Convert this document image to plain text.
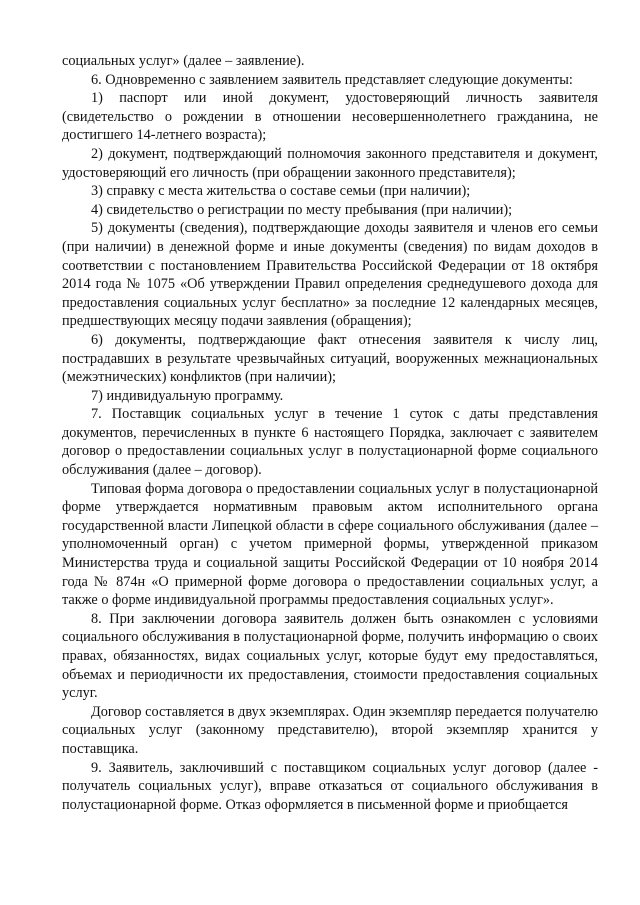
социальных услуг» (далее – заявление).

6. Одновременно с заявлением заявитель представляет следующие документы:

1) паспорт или иной документ, удостоверяющий личность заявителя (свидетельство о рождении в отношении несовершеннолетнего гражданина, не достигшего 14-летнего возраста);

2) документ, подтверждающий полномочия законного представителя и документ, удостоверяющий его личность (при обращении законного представителя);

3) справку с места жительства о составе семьи (при наличии);

4) свидетельство о регистрации по месту пребывания (при наличии);

5) документы (сведения), подтверждающие доходы заявителя и членов его семьи (при наличии) в денежной форме и иные документы (сведения) по видам доходов в соответствии с постановлением Правительства Российской Федерации от 18 октября 2014 года № 1075 «Об утверждении Правил определения среднедушевого дохода для предоставления социальных услуг бесплатно» за последние 12 календарных месяцев, предшествующих месяцу подачи заявления (обращения);

6) документы, подтверждающие факт отнесения заявителя к числу лиц, пострадавших в результате чрезвычайных ситуаций, вооруженных межнациональных (межэтнических) конфликтов (при наличии);

7) индивидуальную программу.

7. Поставщик социальных услуг в течение 1 суток с даты представления документов, перечисленных в пункте 6 настоящего Порядка, заключает с заявителем договор о предоставлении социальных услуг в полустационарной форме социального обслуживания (далее – договор).

Типовая форма договора о предоставлении социальных услуг в полустационарной форме утверждается нормативным правовым актом исполнительного органа государственной власти Липецкой области в сфере социального обслуживания (далее – уполномоченный орган) с учетом примерной формы, утвержденной приказом Министерства труда и социальной защиты Российской Федерации от 10 ноября 2014 года № 874н «О примерной форме договора о предоставлении социальных услуг, а также о форме индивидуальной программы предоставления социальных услуг».

8. При заключении договора заявитель должен быть ознакомлен с условиями социального обслуживания в полустационарной форме, получить информацию о своих правах, обязанностях, видах социальных услуг, которые будут ему предоставляться, объемах и периодичности их предоставления, стоимости предоставления социальных услуг.

Договор составляется в двух экземплярах. Один экземпляр передается получателю социальных услуг (законному представителю), второй экземпляр хранится у поставщика.

9. Заявитель, заключивший с поставщиком социальных услуг договор (далее - получатель социальных услуг), вправе отказаться от социального обслуживания в полустационарной форме. Отказ оформляется в письменной форме и приобщается
